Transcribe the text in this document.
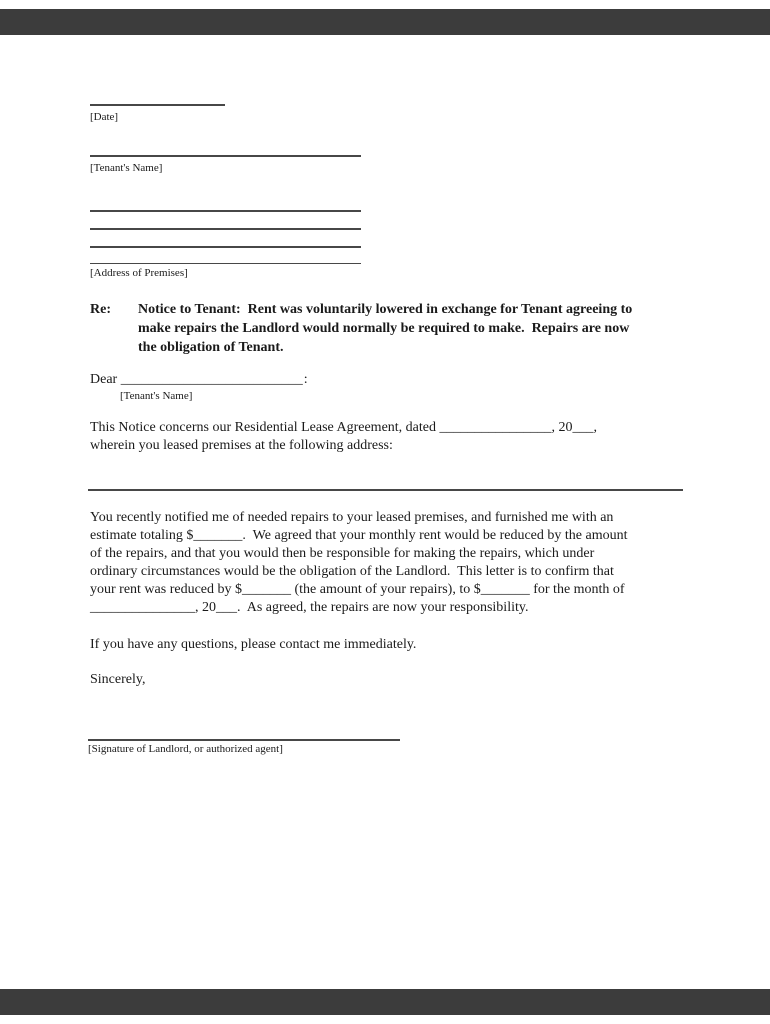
[Date]
[Tenant's Name]
[Address of Premises]
Re: Notice to Tenant:  Rent was voluntarily lowered in exchange for Tenant agreeing to
make repairs the Landlord would normally be required to make.  Repairs are now
the obligation of Tenant.
Dear __________________________:
[Tenant's Name]
This Notice concerns our Residential Lease Agreement, dated ________________, 20___,
wherein you leased premises at the following address:
You recently notified me of needed repairs to your leased premises, and furnished me with an
estimate totaling $_______.  We agreed that your monthly rent would be reduced by the amount
of the repairs, and that you would then be responsible for making the repairs, which under
ordinary circumstances would be the obligation of the Landlord.  This letter is to confirm that
your rent was reduced by $_______ (the amount of your repairs), to $_______ for the month of
_______________, 20___.  As agreed, the repairs are now your responsibility.
If you have any questions, please contact me immediately.
Sincerely,
[Signature of Landlord, or authorized agent]
